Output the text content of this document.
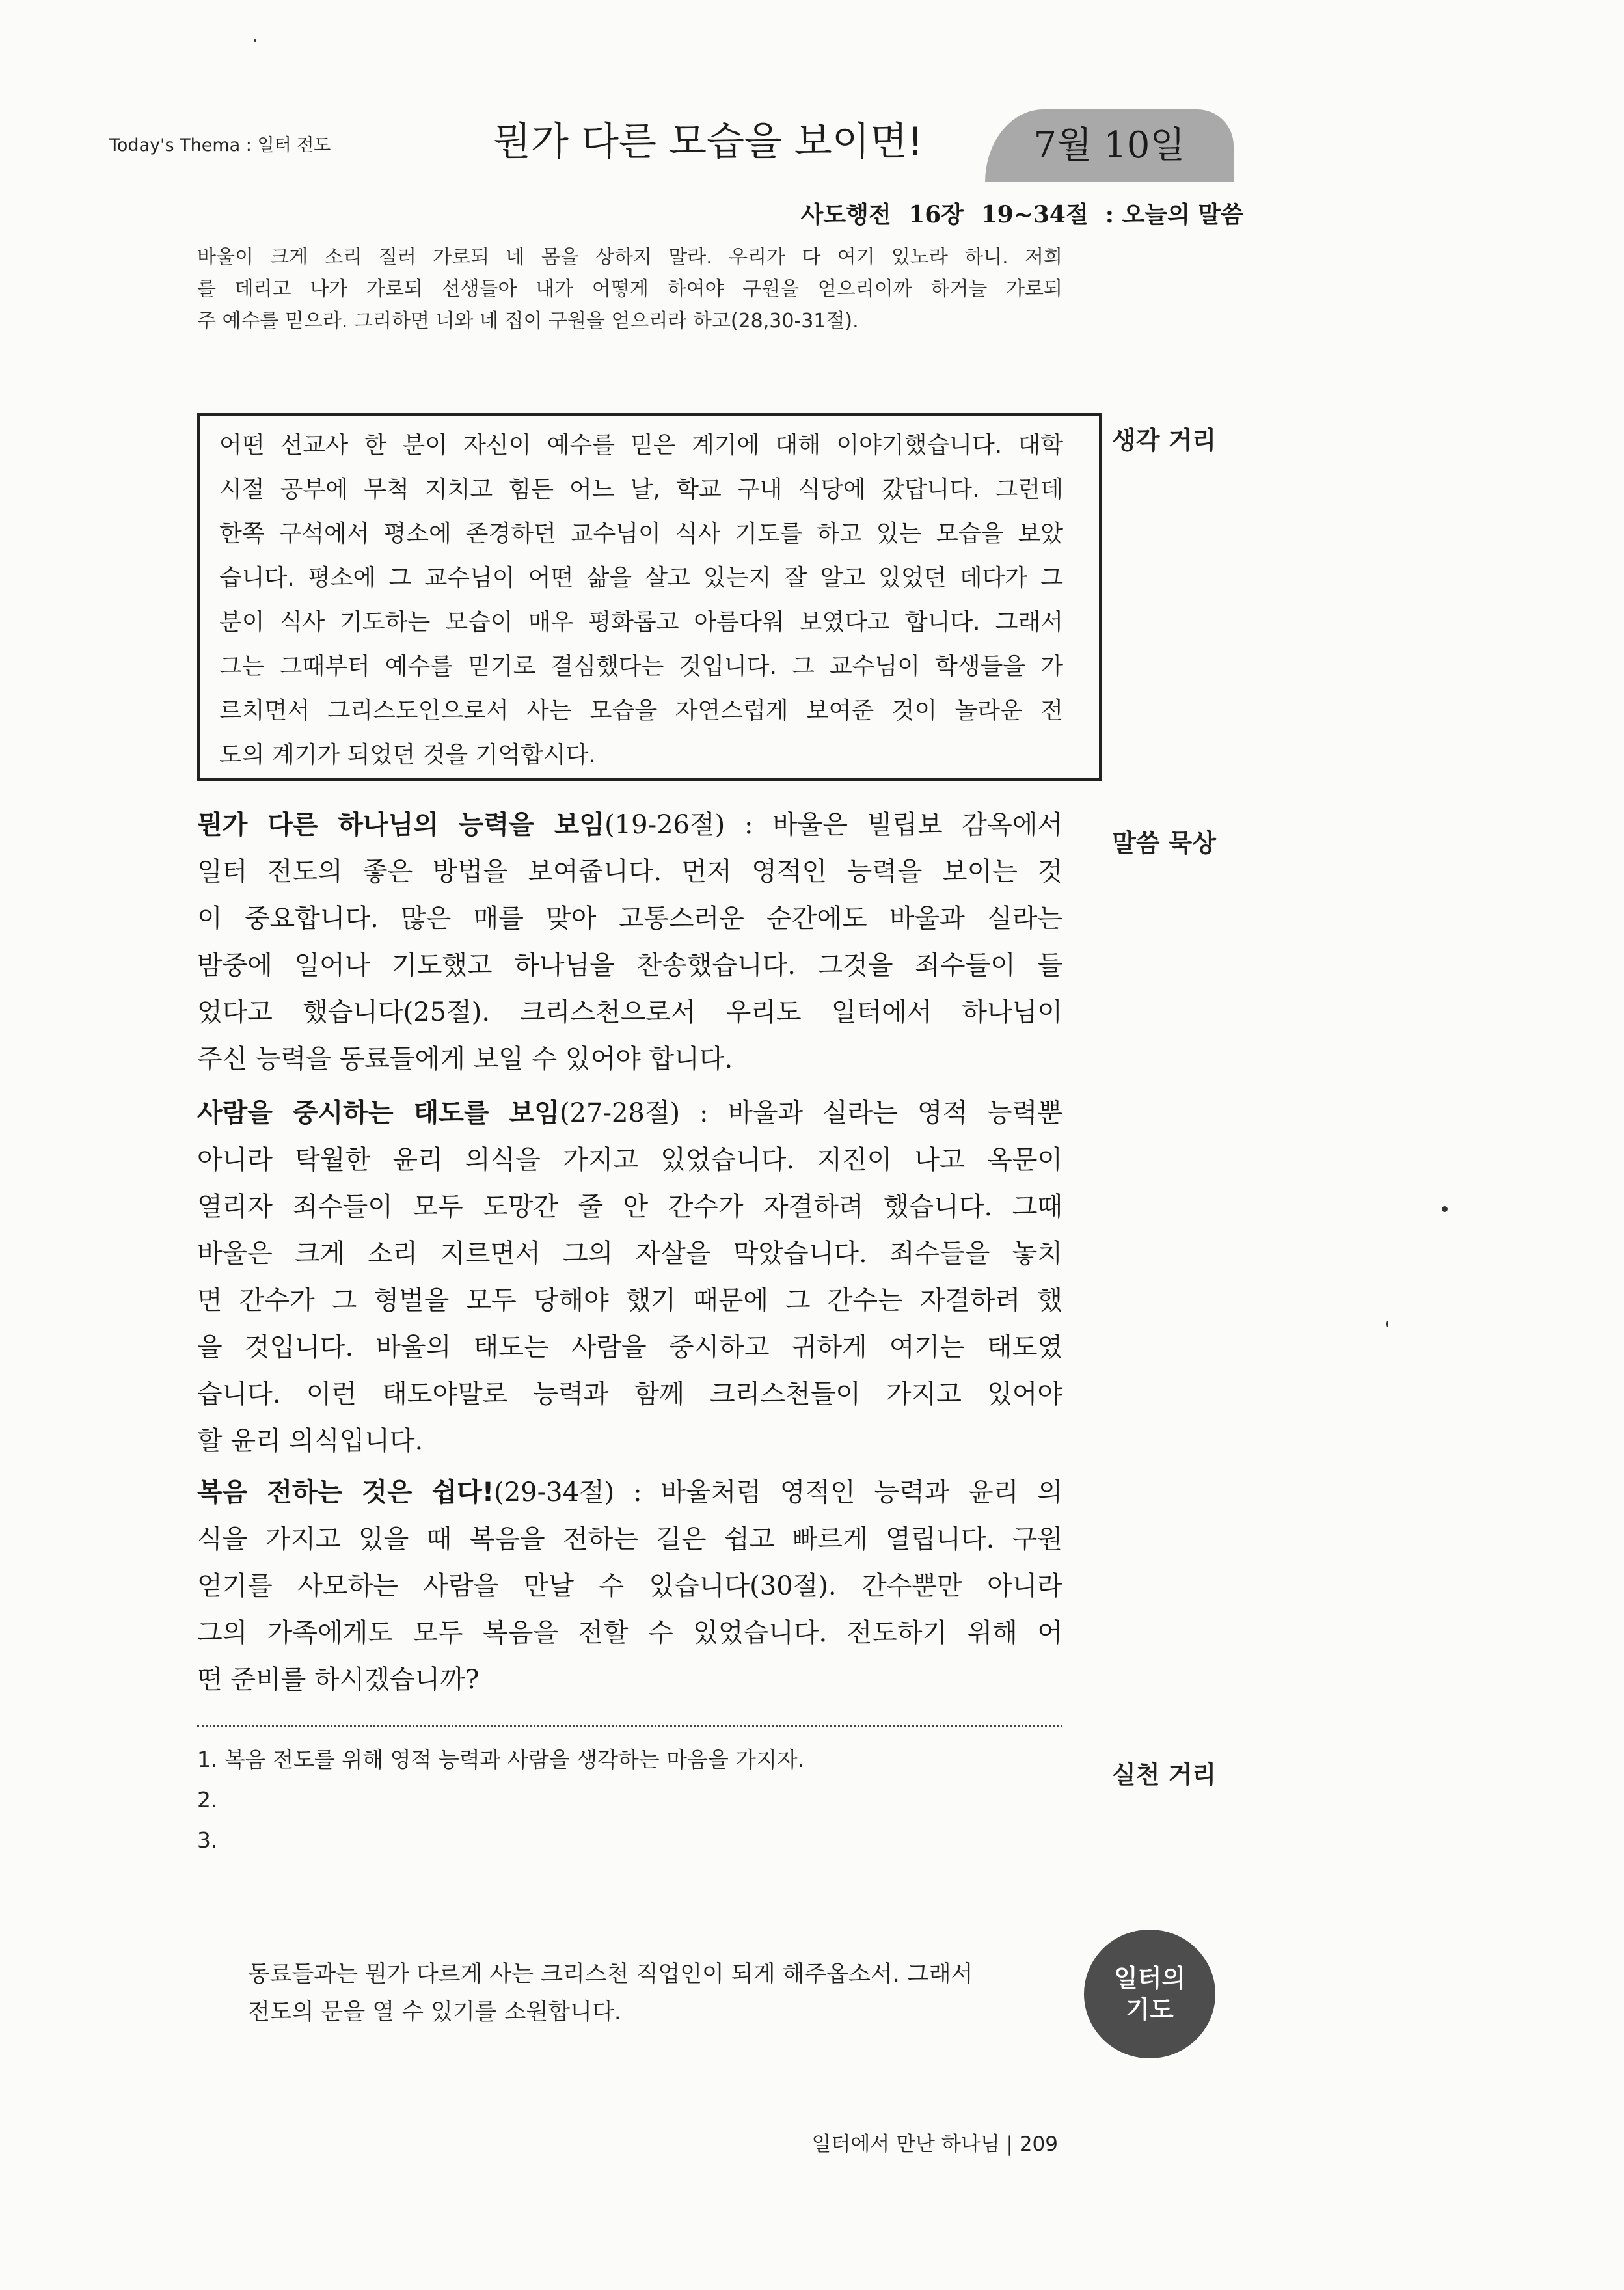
Today's Thema : 일터 전도	뭔가 다른 모습을 보이면!	7월 10일
사도행전 16장 19~34절 : 오늘의 말씀
바울이 크게 소리 질러 가로되 네 몸을 상하지 말라. 우리가 다 여기 있노라 하니. 저희
를 데리고 나가 가로되 선생들아 내가 어떻게 하여야 구원을 얻으리이까 하거늘 가로되
주 예수를 믿으라. 그리하면 너와 네 집이 구원을 얻으리라 하고(28,30-31절).
어떤 선교사 한 분이 자신이 예수를 믿은 계기에 대해 이야기했습니다. 대학
시절 공부에 무척 지치고 힘든 어느 날, 학교 구내 식당에 갔답니다. 그런데
한쪽 구석에서 평소에 존경하던 교수님이 식사 기도를 하고 있는 모습을 보았
습니다. 평소에 그 교수님이 어떤 삶을 살고 있는지 잘 알고 있었던 데다가 그
분이 식사 기도하는 모습이 매우 평화롭고 아름다워 보였다고 합니다. 그래서
그는 그때부터 예수를 믿기로 결심했다는 것입니다. 그 교수님이 학생들을 가
르치면서 그리스도인으로서 사는 모습을 자연스럽게 보여준 것이 놀라운 전
도의 계기가 되었던 것을 기억합시다.
생각 거리
말씀 묵상
실천 거리
뭔가 다른 하나님의 능력을 보임(19-26절) : 바울은 빌립보 감옥에서
일터 전도의 좋은 방법을 보여줍니다. 먼저 영적인 능력을 보이는 것
이 중요합니다. 많은 매를 맞아 고통스러운 순간에도 바울과 실라는
밤중에 일어나 기도했고 하나님을 찬송했습니다. 그것을 죄수들이 들
었다고 했습니다(25절). 크리스천으로서 우리도 일터에서 하나님이
주신 능력을 동료들에게 보일 수 있어야 합니다.
사람을 중시하는 태도를 보임(27-28절) : 바울과 실라는 영적 능력뿐
아니라 탁월한 윤리 의식을 가지고 있었습니다. 지진이 나고 옥문이
열리자 죄수들이 모두 도망간 줄 안 간수가 자결하려 했습니다. 그때
바울은 크게 소리 지르면서 그의 자살을 막았습니다. 죄수들을 놓치
면 간수가 그 형벌을 모두 당해야 했기 때문에 그 간수는 자결하려 했
을 것입니다. 바울의 태도는 사람을 중시하고 귀하게 여기는 태도였
습니다. 이런 태도야말로 능력과 함께 크리스천들이 가지고 있어야
할 윤리 의식입니다.
복음 전하는 것은 쉽다!(29-34절) : 바울처럼 영적인 능력과 윤리 의
식을 가지고 있을 때 복음을 전하는 길은 쉽고 빠르게 열립니다. 구원
얻기를 사모하는 사람을 만날 수 있습니다(30절). 간수뿐만 아니라
그의 가족에게도 모두 복음을 전할 수 있었습니다. 전도하기 위해 어
떤 준비를 하시겠습니까?
1. 복음 전도를 위해 영적 능력과 사람을 생각하는 마음을 가지자.
2.
3.
동료들과는 뭔가 다르게 사는 크리스천 직업인이 되게 해주옵소서. 그래서
전도의 문을 열 수 있기를 소원합니다.
일터의
기도
일터에서 만난 하나님 | 209
